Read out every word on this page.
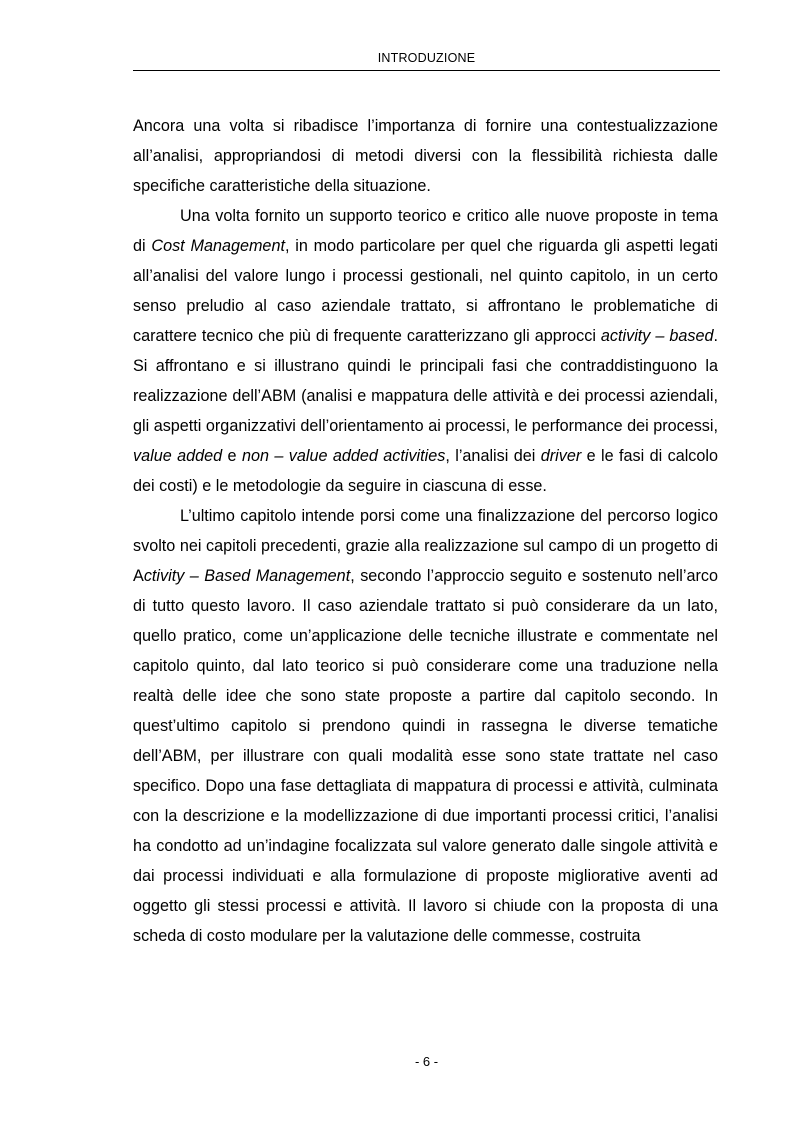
INTRODUZIONE

Ancora una volta si ribadisce l’importanza di fornire una contestualizzazione all’analisi, appropriandosi di metodi diversi con la flessibilità richiesta dalle specifiche caratteristiche della situazione.

Una volta fornito un supporto teorico e critico alle nuove proposte in tema di Cost Management, in modo particolare per quel che riguarda gli aspetti legati all’analisi del valore lungo i processi gestionali, nel quinto capitolo, in un certo senso preludio al caso aziendale trattato, si affrontano le problematiche di carattere tecnico che più di frequente caratterizzano gli approcci activity – based. Si affrontano e si illustrano quindi le principali fasi che contraddistinguono la realizzazione dell’ABM (analisi e mappatura delle attività e dei processi aziendali, gli aspetti organizzativi dell’orientamento ai processi, le performance dei processi, value added e non – value added activities, l’analisi dei driver e le fasi di calcolo dei costi) e le metodologie da seguire in ciascuna di esse.

L’ultimo capitolo intende porsi come una finalizzazione del percorso logico svolto nei capitoli precedenti, grazie alla realizzazione sul campo di un progetto di Activity – Based Management, secondo l’approccio seguito e sostenuto nell’arco di tutto questo lavoro. Il caso aziendale trattato si può considerare da un lato, quello pratico, come un’applicazione delle tecniche illustrate e commentate nel capitolo quinto, dal lato teorico si può considerare come una traduzione nella realtà delle idee che sono state proposte a partire dal capitolo secondo. In quest’ultimo capitolo si prendono quindi in rassegna le diverse tematiche dell’ABM, per illustrare con quali modalità esse sono state trattate nel caso specifico. Dopo una fase dettagliata di mappatura di processi e attività, culminata con la descrizione e la modellizzazione di due importanti processi critici, l’analisi ha condotto ad un’indagine focalizzata sul valore generato dalle singole attività e dai processi individuati e alla formulazione di proposte migliorative aventi ad oggetto gli stessi processi e attività. Il lavoro si chiude con la proposta di una scheda di costo modulare per la valutazione delle commesse, costruita

- 6 -
